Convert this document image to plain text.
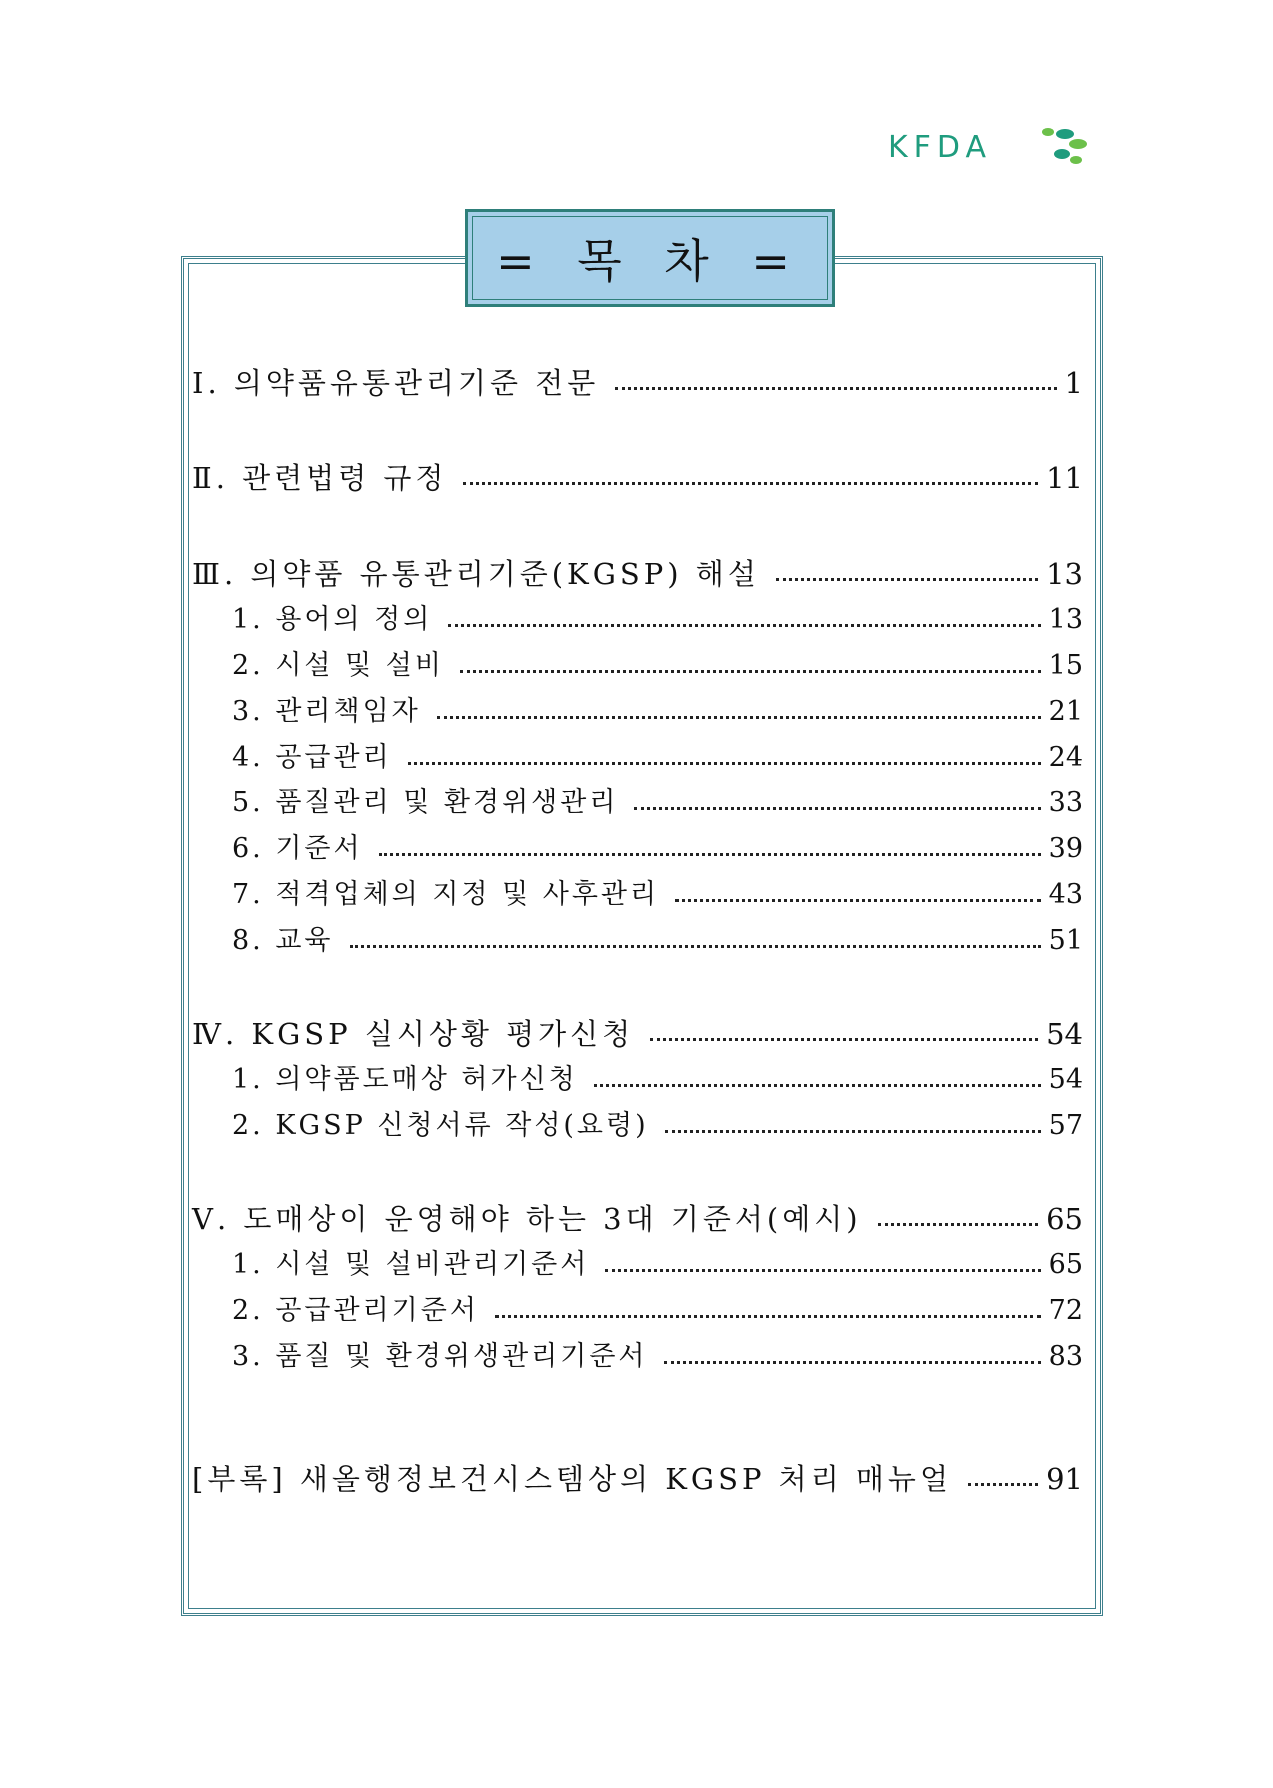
KFDA
= 목 차 =
Ⅰ. 의약품유통관리기준 전문	1
Ⅱ. 관련법령 규정	11
Ⅲ. 의약품 유통관리기준(KGSP) 해설	13
1. 용어의 정의	13
2. 시설 및 설비	15
3. 관리책임자	21
4. 공급관리	24
5. 품질관리 및 환경위생관리	33
6. 기준서	39
7. 적격업체의 지정 및 사후관리	43
8. 교육	51
Ⅳ. KGSP 실시상황 평가신청	54
1. 의약품도매상 허가신청	54
2. KGSP 신청서류 작성(요령)	57
Ⅴ. 도매상이 운영해야 하는 3대 기준서(예시)	65
1. 시설 및 설비관리기준서	65
2. 공급관리기준서	72
3. 품질 및 환경위생관리기준서	83
[부록] 새올행정보건시스템상의 KGSP 처리 매뉴얼	91
